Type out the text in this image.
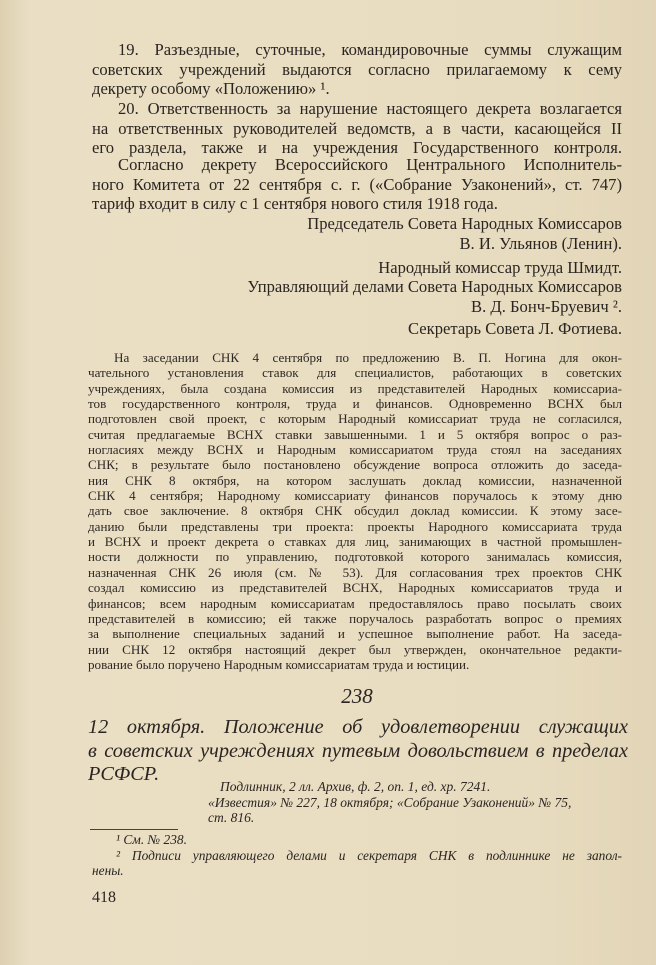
19. Разъездные, суточные, командировочные суммы служащим
советских учреждений выдаются согласно прилагаемому к сему
декрету особому «Положению» ¹.
20. Ответственность за нарушение настоящего декрета возлагается
на ответственных руководителей ведомств, а в части, касающейся II
его раздела, также и на учреждения Государственного контроля.
Согласно декрету Всероссийского Центрального Исполнитель-
ного Комитета от 22 сентября с. г. («Собрание Узаконений», ст. 747)
тариф входит в силу с 1 сентября нового стиля 1918 года.
Председатель Совета Народных Комиссаров
В. И. Ульянов (Ленин).
Народный комиссар труда Шмидт.
Управляющий делами Совета Народных Комиссаров
В. Д. Бонч-Бруевич ².
Секретарь Совета Л. Фотиева.
На заседании СНК 4 сентября по предложению В. П. Ногина для окон-
чательного установления ставок для специалистов, работающих в советских
учреждениях, была создана комиссия из представителей Народных комиссариа-
тов государственного контроля, труда и финансов. Одновременно ВСНХ был
подготовлен свой проект, с которым Народный комиссариат труда не согласился,
считая предлагаемые ВСНХ ставки завышенными. 1 и 5 октября вопрос о раз-
ногласиях между ВСНХ и Народным комиссариатом труда стоял на заседаниях
СНК; в результате было постановлено обсуждение вопроса отложить до заседа-
ния СНК 8 октября, на котором заслушать доклад комиссии, назначенной
СНК 4 сентября; Народному комиссариату финансов поручалось к этому дню
дать свое заключение. 8 октября СНК обсудил доклад комиссии. К этому засе-
данию были представлены три проекта: проекты Народного комиссариата труда
и ВСНХ и проект декрета о ставках для лиц, занимающих в частной промышлен-
ности должности по управлению, подготовкой которого занималась комиссия,
назначенная СНК 26 июля (см. № 53). Для согласования трех проектов СНК
создал комиссию из представителей ВСНХ, Народных комиссариатов труда и
финансов; всем народным комиссариатам предоставлялось право посылать своих
представителей в комиссию; ей также поручалось разработать вопрос о премиях
за выполнение специальных заданий и успешное выполнение работ. На заседа-
нии СНК 12 октября настоящий декрет был утвержден, окончательное редакти-
рование было поручено Народным комиссариатам труда и юстиции.
238
12 октября. Положение об удовлетворении служащих
в советских учреждениях путевым довольствием в пределах
РСФСР.
Подлинник, 2 лл. Архив, ф. 2, оп. 1, ед. хр. 7241.
«Известия» № 227, 18 октября; «Собрание Узаконений» № 75,
ст. 816.
¹ См. № 238.
² Подписи управляющего делами и секретаря СНК в подлиннике не запол-
нены.
418
